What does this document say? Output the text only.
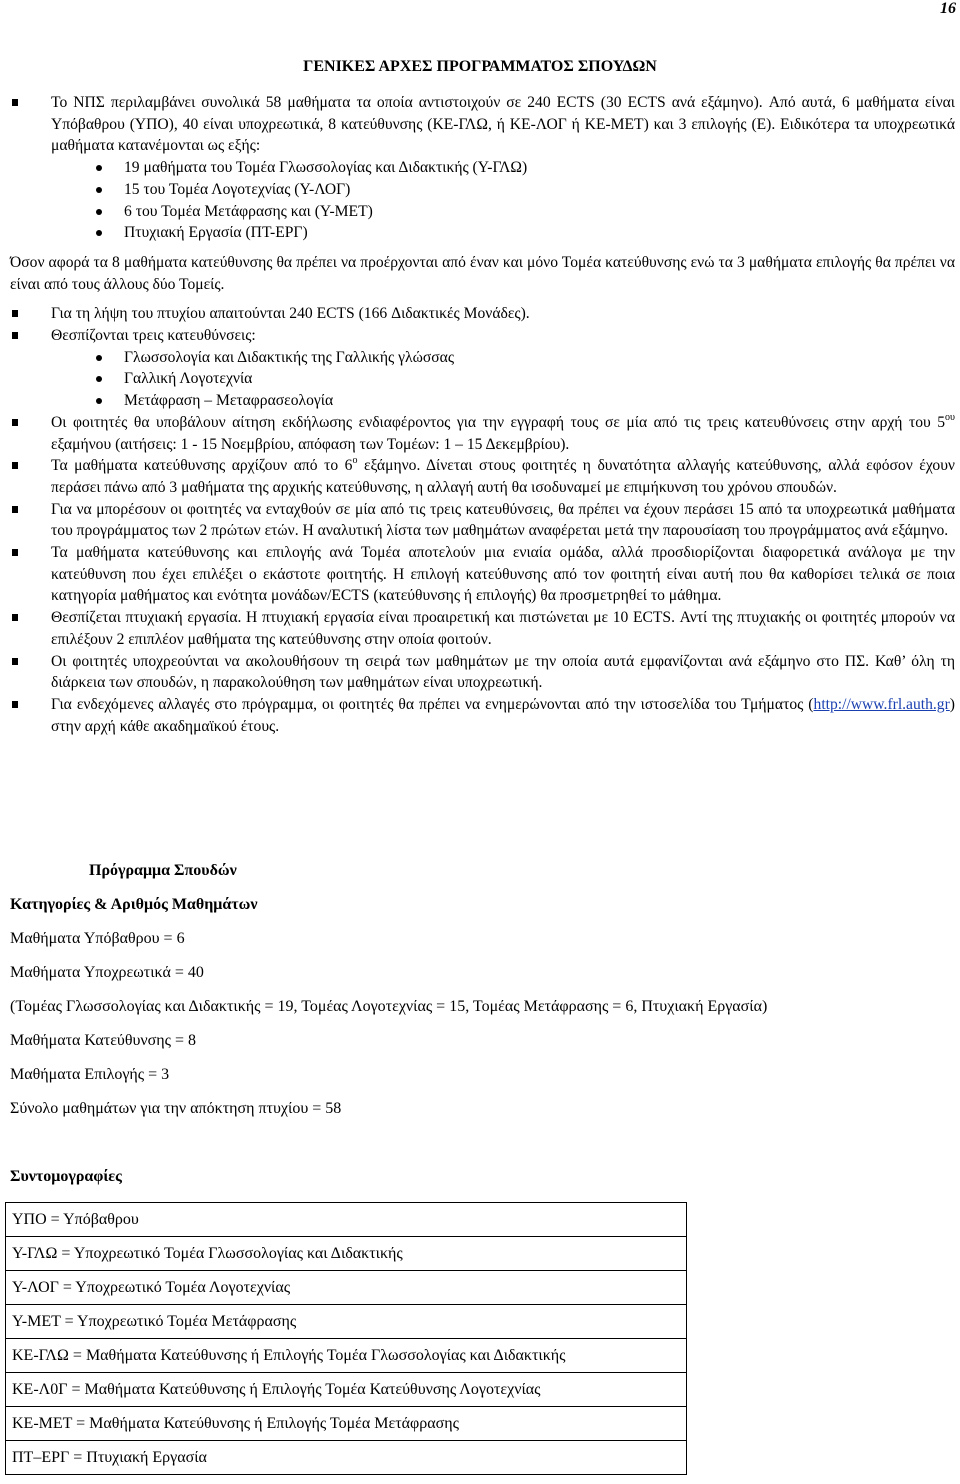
16
ΓΕΝΙΚΕΣ ΑΡΧΕΣ ΠΡΟΓΡΑΜΜΑΤΟΣ ΣΠΟΥΔΩΝ
Το ΝΠΣ περιλαμβάνει συνολικά 58 μαθήματα τα οποία αντιστοιχούν σε 240 ECTS (30 ECTS ανά εξάμηνο). Από αυτά, 6 μαθήματα είναι Υπόβαθρου (ΥΠΟ), 40 είναι υποχρεωτικά, 8 κατεύθυνσης (ΚΕ-ΓΛΩ, ή ΚΕ-ΛΟΓ ή ΚΕ-ΜΕΤ) και 3 επιλογής (Ε). Ειδικότερα τα υποχρεωτικά μαθήματα κατανέμονται ως εξής:
19 μαθήματα του Τομέα Γλωσσολογίας και Διδακτικής (Υ-ΓΛΩ)
15 του Τομέα Λογοτεχνίας (Υ-ΛΟΓ)
6 του Τομέα Μετάφρασης και (Υ-ΜΕΤ)
Πτυχιακή Εργασία (ΠΤ-ΕΡΓ)
Όσον αφορά τα 8 μαθήματα κατεύθυνσης θα πρέπει να προέρχονται από έναν και μόνο Τομέα κατεύθυνσης ενώ τα 3 μαθήματα επιλογής θα πρέπει να είναι από τους άλλους δύο Τομείς.
Για τη λήψη του πτυχίου απαιτούνται 240 ECTS (166 Διδακτικές Μονάδες).
Θεσπίζονται τρεις κατευθύνσεις:
Γλωσσολογία και Διδακτικής της Γαλλικής γλώσσας
Γαλλική Λογοτεχνία
Μετάφραση – Μεταφρασεολογία
Οι φοιτητές θα υποβάλουν αίτηση εκδήλωσης ενδιαφέροντος για την εγγραφή τους σε μία από τις τρεις κατευθύνσεις στην αρχή του $5^{o\upsilon}$ εξαμήνου (αιτήσεις: 1 - 15 Νοεμβρίου, απόφαση των Τομέων: 1 – 15 Δεκεμβρίου).
Τα μαθήματα κατεύθυνσης αρχίζουν από το $6^o$ εξάμηνο. Δίνεται στους φοιτητές η δυνατότητα αλλαγής κατεύθυνσης, αλλά εφόσον έχουν περάσει πάνω από 3 μαθήματα της αρχικής κατεύθυνσης, η αλλαγή αυτή θα ισοδυναμεί με επιμήκυνση του χρόνου σπουδών.
Για να μπορέσουν οι φοιτητές να ενταχθούν σε μία από τις τρεις κατευθύνσεις, θα πρέπει να έχουν περάσει 15 από τα υποχρεωτικά μαθήματα του προγράμματος των 2 πρώτων ετών. Η αναλυτική λίστα των μαθημάτων αναφέρεται μετά την παρουσίαση του προγράμματος ανά εξάμηνο.
Τα μαθήματα κατεύθυνσης και επιλογής ανά Τομέα αποτελούν μια ενιαία ομάδα, αλλά προσδιορίζονται διαφορετικά ανάλογα με την κατεύθυνση που έχει επιλέξει ο εκάστοτε φοιτητής. Η επιλογή κατεύθυνσης από τον φοιτητή είναι αυτή που θα καθορίσει τελικά σε ποια κατηγορία μαθήματος και ενότητα μονάδων/ECTS (κατεύθυνσης ή επιλογής) θα προσμετρηθεί το μάθημα.
Θεσπίζεται πτυχιακή εργασία. Η πτυχιακή εργασία είναι προαιρετική και πιστώνεται με 10 ECTS. Αντί της πτυχιακής οι φοιτητές μπορούν να επιλέξουν 2 επιπλέον μαθήματα της κατεύθυνσης στην οποία φοιτούν.
Οι φοιτητές υποχρεούνται να ακολουθήσουν τη σειρά των μαθημάτων με την οποία αυτά εμφανίζονται ανά εξάμηνο στο ΠΣ. Καθ’ όλη τη διάρκεια των σπουδών, η παρακολούθηση των μαθημάτων είναι υποχρεωτική.
Για ενδεχόμενες αλλαγές στο πρόγραμμα, οι φοιτητές θα πρέπει να ενημερώνονται από την ιστοσελίδα του Τμήματος (http://www.frl.auth.gr) στην αρχή κάθε ακαδημαϊκού έτους.
Πρόγραμμα Σπουδών
Κατηγορίες & Αριθμός Μαθημάτων
Μαθήματα Υπόβαθρου = 6
Μαθήματα Υποχρεωτικά = 40
(Τομέας Γλωσσολογίας και Διδακτικής = 19, Τομέας Λογοτεχνίας = 15, Τομέας Μετάφρασης = 6, Πτυχιακή Εργασία)
Μαθήματα Κατεύθυνσης = 8
Μαθήματα Επιλογής = 3
Σύνολο μαθημάτων για την απόκτηση πτυχίου = 58
Συντομογραφίες
ΥΠΟ = Υπόβαθρου
Υ-ΓΛΩ = Υποχρεωτικό Τομέα Γλωσσολογίας και Διδακτικής
Υ-ΛΟΓ = Υποχρεωτικό Τομέα Λογοτεχνίας
Υ-ΜΕΤ = Υποχρεωτικό Τομέα Μετάφρασης
ΚΕ-ΓΛΩ = Μαθήματα Κατεύθυνσης ή Επιλογής Τομέα Γλωσσολογίας και Διδακτικής
ΚΕ-Λ0Γ = Μαθήματα Κατεύθυνσης ή Επιλογής Τομέα Κατεύθυνσης Λογοτεχνίας
ΚΕ-ΜΕΤ = Μαθήματα Κατεύθυνσης ή Επιλογής Τομέα Μετάφρασης
ΠΤ–ΕΡΓ = Πτυχιακή Εργασία
